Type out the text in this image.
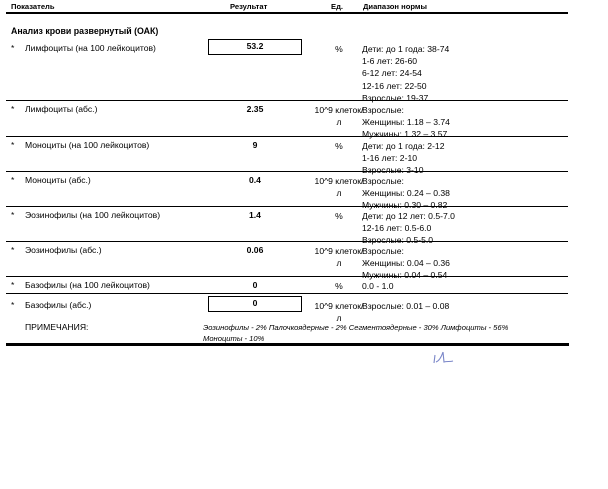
Показатель	Результат	Ед.	Диапазон нормы
Анализ крови развернутый (ОАК)
* Лимфоциты (на 100 лейкоцитов)	53.2	%	Дети: до 1 года: 38-74
1-6 лет: 26-60
6-12 лет: 24-54
12-16 лет: 22-50
Взрослые: 19-37
* Лимфоциты (абс.)	2.35	10^9 клеток/л
Взрослые:
Женщины: 1.18 – 3.74
Мужчины: 1.32 – 3.57
* Моноциты (на 100 лейкоцитов)	9	%	Дети: до 1 года: 2-12
1-16 лет: 2-10
Взрослые: 3-10
* Моноциты (абс.)	0.4	10^9 клеток/л
Взрослые:
Женщины: 0.24 – 0.38
Мужчины: 0.30 – 0.82
* Эозинофилы (на 100 лейкоцитов)	1.4	%	Дети: до 12 лет: 0.5-7.0
12-16 лет: 0.5-6.0
Взрослые: 0.5-5.0
* Эозинофилы (абс.)	0.06	10^9 клеток/л
Взрослые:
Женщины: 0.04 – 0.36
Мужчины: 0.04 – 0.54
* Базофилы (на 100 лейкоцитов)	0	%	0.0 - 1.0
* Базофилы (абс.)	0	10^9 клеток/л
Взрослые: 0.01 – 0.08
ПРИМЕЧАНИЯ:	Эозинофилы - 2% Палочкоядерные - 2% Сегментоядерные - 30% Лимфоциты - 56% Моноциты - 10%
